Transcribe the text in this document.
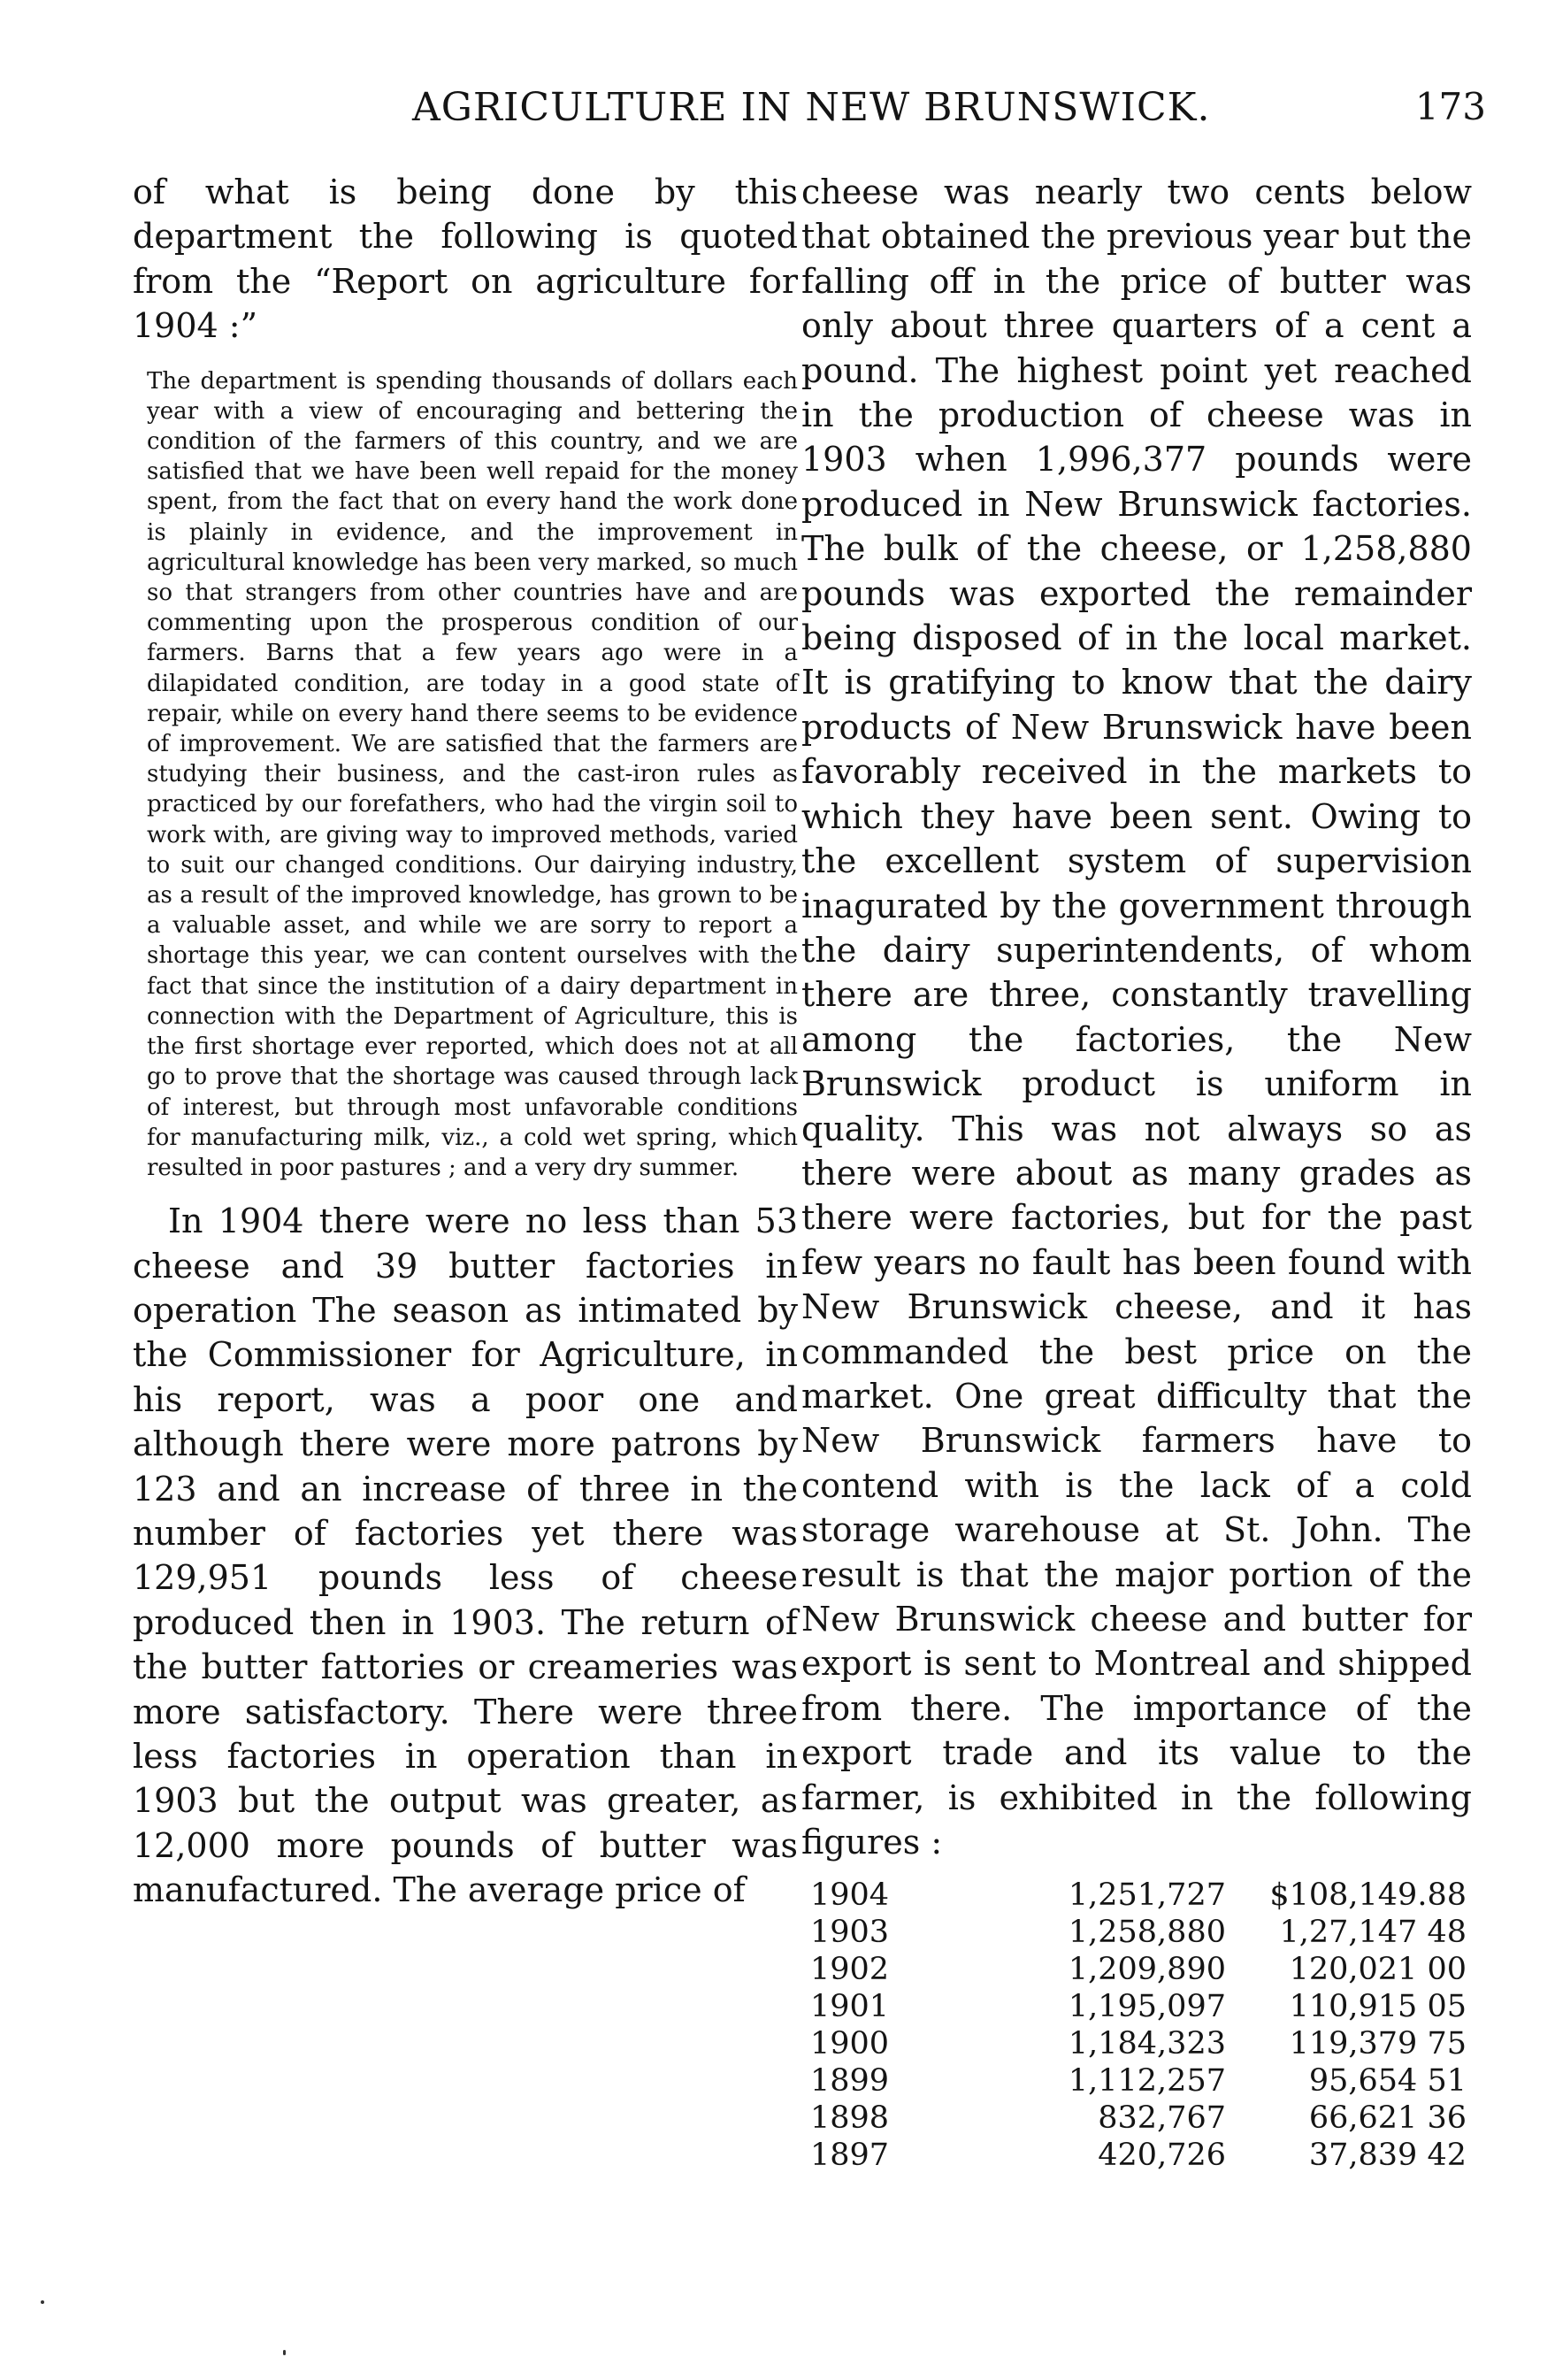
AGRICULTURE IN NEW BRUNSWICK.	173

of what is being done by this department the following is quoted from the “Report on agriculture for 1904 :”

The department is spending thousands of dollars each year with a view of encouraging and bettering the condition of the farmers of this country, and we are satisfied that we have been well repaid for the money spent, from the fact that on every hand the work done is plainly in evidence, and the improvement in agricultural knowledge has been very marked, so much so that strangers from other countries have and are commenting upon the prosperous condition of our farmers. Barns that a few years ago were in a dilapidated condition, are today in a good state of repair, while on every hand there seems to be evidence of improvement. We are satisfied that the farmers are studying their business, and the cast-iron rules as practiced by our forefathers, who had the virgin soil to work with, are giving way to improved methods, varied to suit our changed conditions. Our dairying industry, as a result of the improved knowledge, has grown to be a valuable asset, and while we are sorry to report a shortage this year, we can content ourselves with the fact that since the institution of a dairy department in connection with the Department of Agriculture, this is the first shortage ever reported, which does not at all go to prove that the shortage was caused through lack of interest, but through most unfavorable conditions for manufacturing milk, viz., a cold wet spring, which resulted in poor pastures ; and a very dry summer.

In 1904 there were no less than 53 cheese and 39 butter factories in operation The season as intimated by the Commissioner for Agriculture, in his report, was a poor one and although there were more patrons by 123 and an increase of three in the number of factories yet there was 129,951 pounds less of cheese produced then in 1903. The return of the butter fattories or creameries was more satisfactory. There were three less factories in operation than in 1903 but the output was greater, as 12,000 more pounds of butter was manufactured. The average price of

cheese was nearly two cents below that obtained the previous year but the falling off in the price of butter was only about three quarters of a cent a pound. The highest point yet reached in the production of cheese was in 1903 when 1,996,377 pounds were produced in New Brunswick factories. The bulk of the cheese, or 1,258,880 pounds was exported the remainder being disposed of in the local market. It is gratifying to know that the dairy products of New Brunswick have been favorably received in the markets to which they have been sent. Owing to the excellent system of supervision inagurated by the government through the dairy superintendents, of whom there are three, constantly travelling among the factories, the New Brunswick product is uniform in quality. This was not always so as there were about as many grades as there were factories, but for the past few years no fault has been found with New Brunswick cheese, and it has commanded the best price on the market. One great difficulty that the New Brunswick farmers have to contend with is the lack of a cold storage warehouse at St. John. The result is that the major portion of the New Brunswick cheese and butter for export is sent to Montreal and shipped from there. The importance of the export trade and its value to the farmer, is exhibited in the following figures :

1904	1,251,727	$108,149.88
1903	1,258,880	1,27,147 48
1902	1,209,890	120,021 00
1901	1,195,097	110,915 05
1900	1,184,323	119,379 75
1899	1,112,257	95,654 51
1898	832,767	66,621 36
1897	420,726	37,839 42
